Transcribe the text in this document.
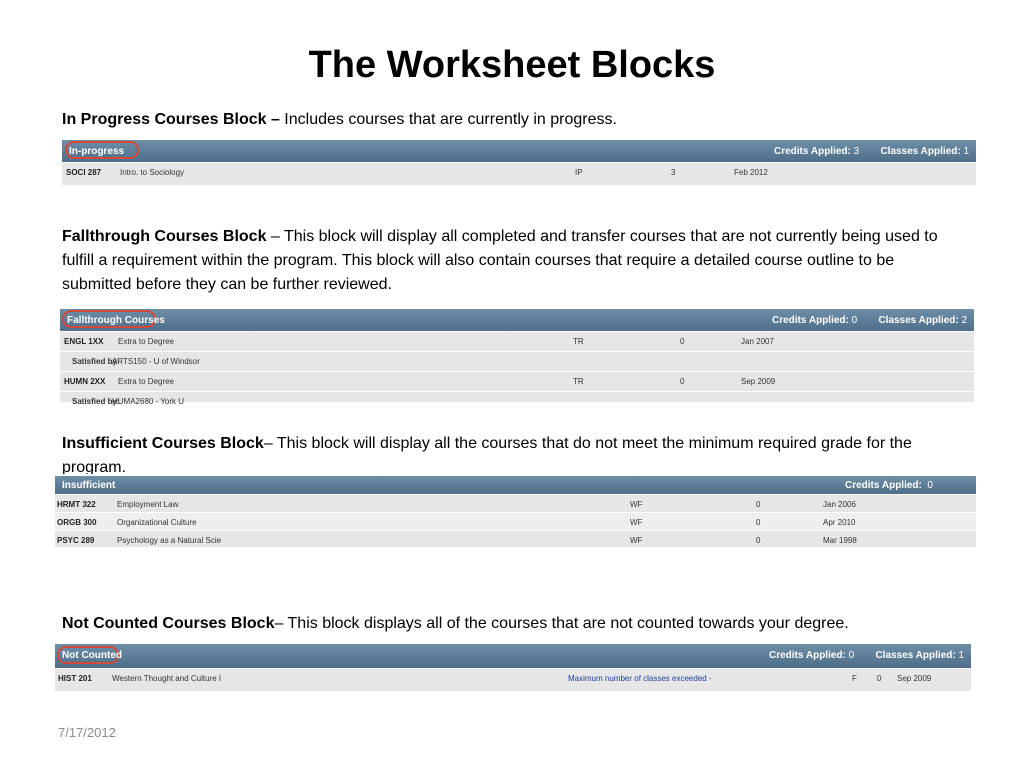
The Worksheet Blocks

In Progress Courses Block – Includes courses that are currently in progress.

In-progress	Credits Applied: 3 Classes Applied: 1
SOCI 287 Intro. to Sociology	IP	3	Feb 2012

Fallthrough Courses Block – This block will display all completed and transfer courses that are not currently being used to fulfill a requirement within the program. This block will also contain courses that require a detailed course outline to be submitted before they can be further reviewed.

Fallthrough Courses	Credits Applied: 0 Classes Applied: 2
ENGL 1XX Extra to Degree	TR	0	Jan 2007
Satisfied by:
ARTS150 - U of Windsor
HUMN 2XX Extra to Degree	TR	0	Sep 2009
Satisfied by:
HUMA2680 - York U

Insufficient Courses Block– This block will display all the courses that do not meet the minimum required grade for the program.

Insufficient	Credits Applied: 0
HRMT 322	Employment Law	WF	0	Jan 2006
ORGB 300	Organizational Culture	WF	0	Apr 2010
PSYC 289	Psychology as a Natural Scie	WF	0	Mar 1998

Not Counted Courses Block– This block displays all of the courses that are not counted towards your degree.

Not Counted	Credits Applied: 0 Classes Applied: 1
HIST 201	Western Thought and Culture I	Maximum number of classes exceeded -	F	0 Sep 2009
7/17/2012
